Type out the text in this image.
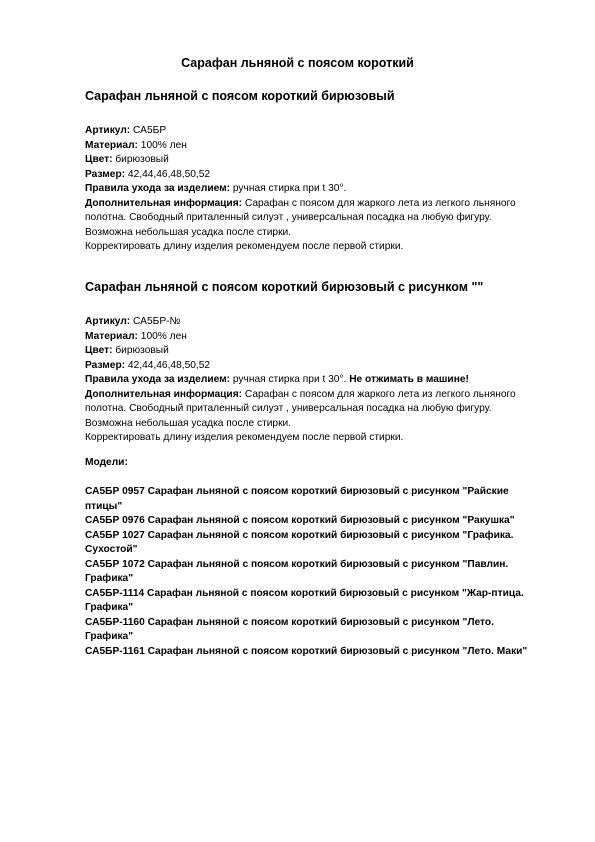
Сарафан льняной с поясом короткий
Сарафан льняной с поясом короткий бирюзовый

Артикул: СА5БР

Материал: 100% лен

Цвет: бирюзовый

Размер: 42,44,46,48,50,52

Правила ухода за изделием: ручная стирка при t 30°.

Дополнительная информация: Сарафан с поясом для жаркого лета из легкого льняного полотна. Свободный приталенный силуэт , универсальная посадка на любую фигуру. Возможна небольшая усадка после стирки.

Корректировать длину изделия рекомендуем после первой стирки.

Сарафан льняной с поясом короткий бирюзовый с рисунком ""

Артикул: СА5БР-№

Материал: 100% лен

Цвет: бирюзовый

Размер: 42,44,46,48,50,52

Правила ухода за изделием: ручная стирка при t 30°. Не отжимать в машине!

Дополнительная информация: Сарафан с поясом для жаркого лета из легкого льняного полотна. Свободный приталенный силуэт , универсальная посадка на любую фигуру. Возможна небольшая усадка после стирки.

Корректировать длину изделия рекомендуем после первой стирки.

Модели:

СА5БР 0957 Сарафан льняной с поясом короткий бирюзовый с рисунком "Райские птицы"

СА5БР 0976 Сарафан льняной с поясом короткий бирюзовый с рисунком "Ракушка"

СА5БР 1027 Сарафан льняной с поясом короткий бирюзовый с рисунком "Графика. Сухостой"

СА5БР 1072 Сарафан льняной с поясом короткий бирюзовый с рисунком "Павлин. Графика"

СА5БР-1114 Сарафан льняной с поясом короткий бирюзовый с рисунком "Жар-птица. Графика"

СА5БР-1160 Сарафан льняной с поясом короткий бирюзовый с рисунком "Лето. Графика"

СА5БР-1161 Сарафан льняной с поясом короткий бирюзовый с рисунком "Лето. Маки"
